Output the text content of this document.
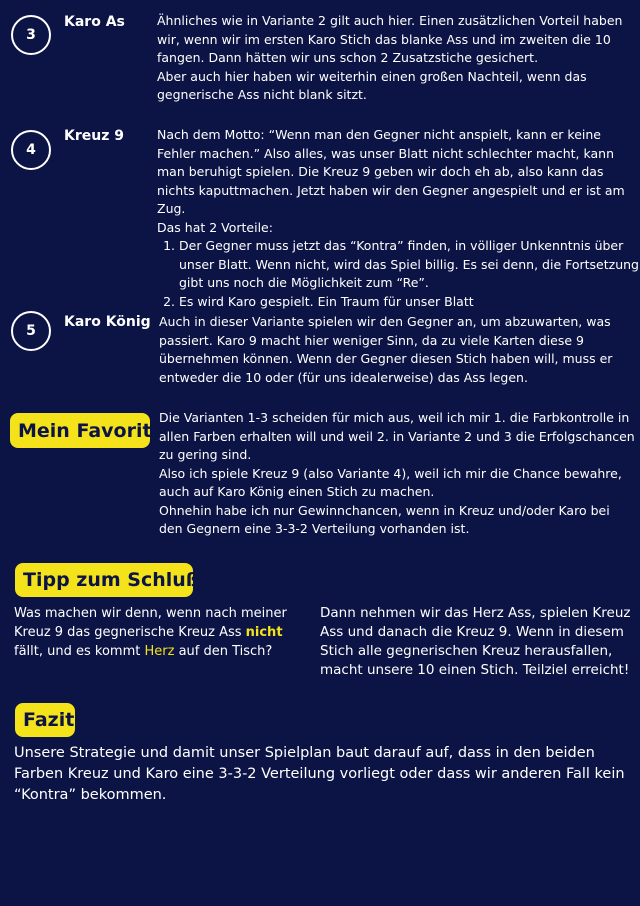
3
Karo As	Ähnliches wie in Variante 2 gilt auch hier. Einen zusätzlichen Vorteil haben wir, wenn wir im ersten Karo Stich das blanke Ass und im zweiten die 10 fangen. Dann hätten wir uns schon 2 Zusatzstiche gesichert.

Aber auch hier haben wir weiterhin einen großen Nachteil, wenn das gegnerische Ass nicht blank sitzt.

4
Kreuz 9	Nach dem Motto: “Wenn man den Gegner nicht anspielt, kann er keine Fehler machen.” Also alles, was unser Blatt nicht schlechter macht, kann man beruhigt spielen. Die Kreuz 9 geben wir doch eh ab, also kann das nichts kaputtmachen. Jetzt haben wir den Gegner angespielt und er ist am Zug.

Das hat 2 Vorteile:

1. Der Gegner muss jetzt das “Kontra” finden, in völliger Unkenntnis über unser Blatt. Wenn nicht, wird das Spiel billig. Es sei denn, die Fortsetzung gibt uns noch die Möglichkeit zum “Re”.
2. Es wird Karo gespielt. Ein Traum für unser Blatt
5
Karo König Auch in dieser Variante spielen wir den Gegner an, um abzuwarten, was passiert. Karo 9 macht hier weniger Sinn, da zu viele Karten diese 9 übernehmen können. Wenn der Gegner diesen Stich haben will, muss er entweder die 10 oder (für uns idealerweise) das Ass legen.

Mein Favorit:

Die Varianten 1-3 scheiden für mich aus, weil ich mir 1. die Farbkontrolle in allen Farben erhalten will und weil 2. in Variante 2 und 3 die Erfolgschancen zu gering sind.

Also ich spiele Kreuz 9 (also Variante 4), weil ich mir die Chance bewahre, auch auf Karo König einen Stich zu machen.

Ohnehin habe ich nur Gewinnchancen, wenn in Kreuz und/oder Karo bei den Gegnern eine 3-3-2 Verteilung vorhanden ist.

Tipp zum Schluß:

Was machen wir denn, wenn nach meiner Kreuz 9 das gegnerische Kreuz Ass nicht fällt, und es kommt Herz auf den Tisch?

Dann nehmen wir das Herz Ass, spielen Kreuz Ass und danach die Kreuz 9. Wenn in diesem Stich alle gegnerischen Kreuz herausfallen, macht unsere 10 einen Stich. Teilziel erreicht!

Fazit

Unsere Strategie und damit unser Spielplan baut darauf auf, dass in den beiden Farben Kreuz und Karo eine 3-3-2 Verteilung vorliegt oder dass wir anderen Fall kein “Kontra” bekommen.
